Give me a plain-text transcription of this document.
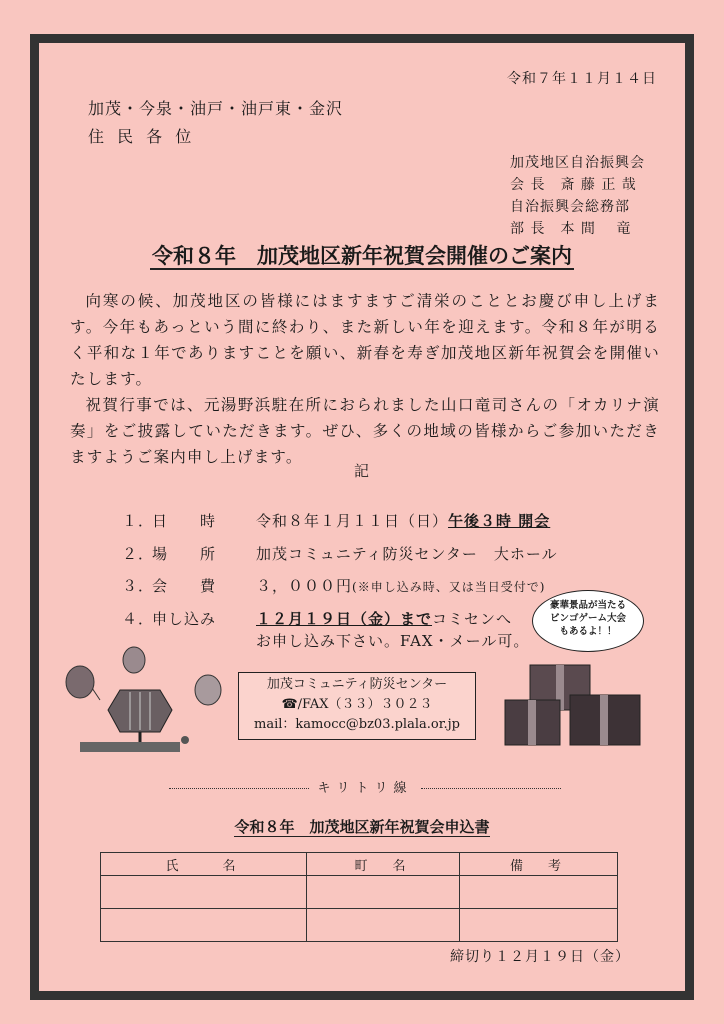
令和７年１１月１４日
加茂・今泉・油戸・油戸東・金沢
住 民 各 位
加茂地区自治振興会
会 長　斎 藤 正 哉
自治振興会総務部
部 長　本 間　 竜
令和８年　加茂地区新年祝賀会開催のご案内

向寒の候、加茂地区の皆様にはますますご清栄のこととお慶び申し上げます。今年もあっという間に終わり、また新しい年を迎えます。令和８年が明るく平和な１年でありますことを願い、新春を寿ぎ加茂地区新年祝賀会を開催いたします。

祝賀行事では、元湯野浜駐在所におられました山口竜司さんの「オカリナ演奏」をご披露していただきます。ぜひ、多くの地域の皆様からご参加いただきますようご案内申し上げます。

記
１．
日　　時	令和８年１月１１日（日）午後３時 開会
２．
場　　所	加茂コミュニティ防災センター　大ホール
３．
会　　費	３，０００円(※申し込み時、又は当日受付で)
４．
申し込み	１２月１９日（金）までコミセンへ
お申し込み下さい。FAX・メール可。
豪華景品が当たる
ビンゴゲーム大会
もあるよ！！
加茂コミュニティ防災センター
☎/FAX（３３）３０２３
mail：kamocc@bz03.plala.or.jp
キリトリ線
令和８年　加茂地区新年祝賀会申込書
氏　　名	町　名	備　考

締切り１２月１９日（金）
